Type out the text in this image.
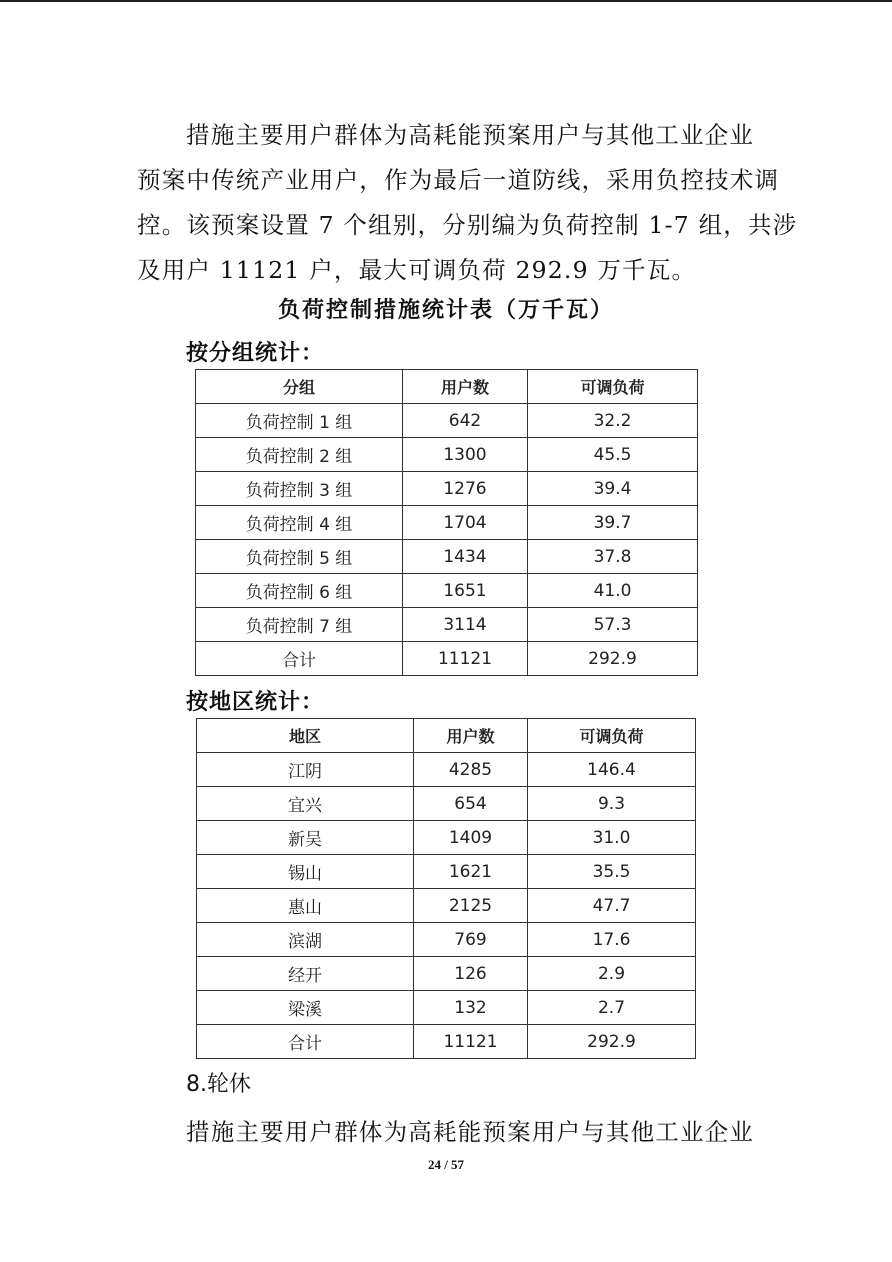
措施主要用户群体为高耗能预案用户与其他工业企业
预案中传统产业用户，作为最后一道防线，采用负控技术调
控。该预案设置 7 个组别，分别编为负荷控制 1-7 组，共涉
及用户 11121 户，最大可调负荷 292.9 万千瓦。
负荷控制措施统计表（万千瓦）
按分组统计：
分组	用户数	可调负荷
负荷控制 1 组	642	32.2
负荷控制 2 组	1300	45.5
负荷控制 3 组	1276	39.4
负荷控制 4 组	1704	39.7
负荷控制 5 组	1434	37.8
负荷控制 6 组	1651	41.0
负荷控制 7 组	3114	57.3
合计	11121	292.9
按地区统计：
地区	用户数	可调负荷
江阴	4285	146.4
宜兴	654	9.3
新吴	1409	31.0
锡山	1621	35.5
惠山	2125	47.7
滨湖	769	17.6
经开	126	2.9
梁溪	132	2.7
合计	11121	292.9
8.轮休
措施主要用户群体为高耗能预案用户与其他工业企业
24 / 57
